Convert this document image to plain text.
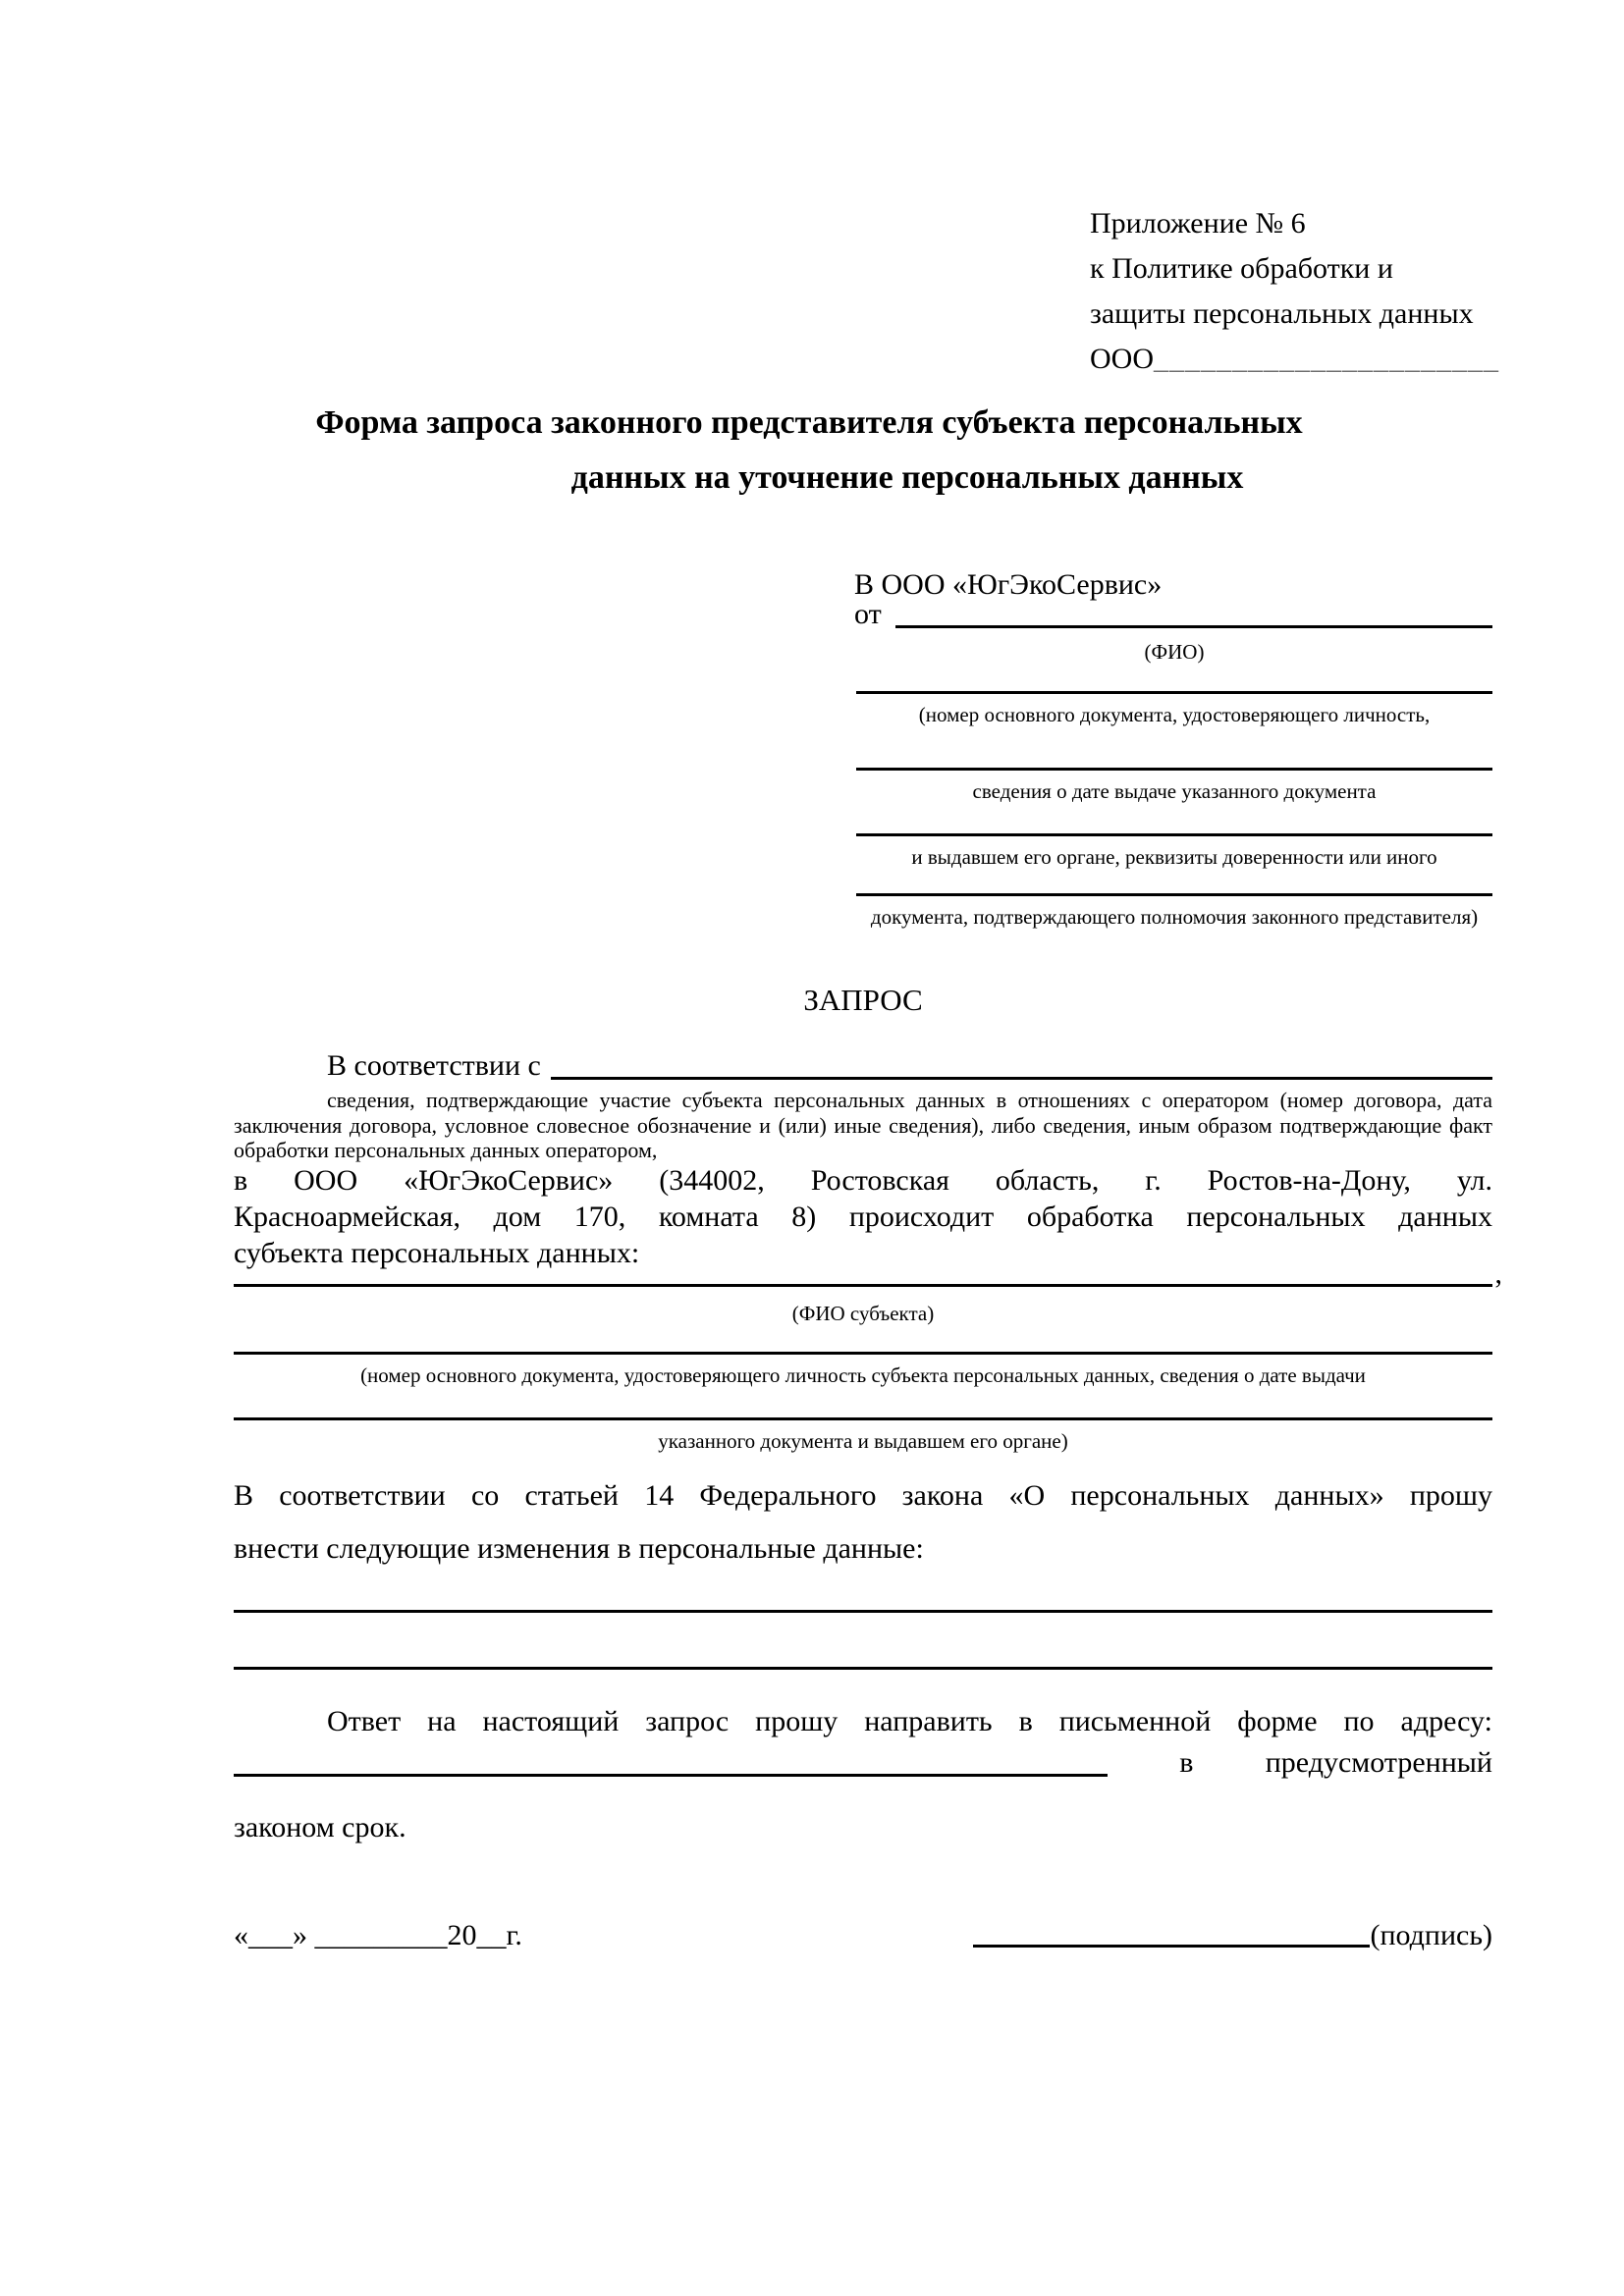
Приложение № 6
к Политике обработки и
защиты персональных данных
ООО______________________
Форма запроса законного представителя субъекта персональных
данных на уточнение персональных данных
В ООО «ЮгЭкоСервис»
от
(ФИО)
(номер основного документа, удостоверяющего личность,
сведения о дате выдаче указанного документа
и выдавшем его органе, реквизиты доверенности или иного
документа, подтверждающего полномочия законного представителя)
ЗАПРОС
В соответствии с
сведения, подтверждающие участие субъекта персональных данных в отношениях с оператором (номер договора, дата заключения договора, условное словесное обозначение и (или) иные сведения), либо сведения, иным образом подтверждающие факт обработки персональных данных оператором,
в ООО «ЮгЭкоСервис» (344002, Ростовская область, г. Ростов-на-Дону, ул.
Красноармейская, дом 170, комната 8) происходит обработка персональных данных
субъекта персональных данных:
,
(ФИО субъекта)
(номер основного документа, удостоверяющего личность субъекта персональных данных, сведения о дате выдачи
указанного документа и выдавшем его органе)
В соответствии со статьей 14 Федерального закона «О персональных данных» прошу
внести следующие изменения в персональные данные:
Ответ на настоящий запрос прошу направить в письменной форме по адресу:
в предусмотренный
законом срок.
«___» _________20__г.	(подпись)
